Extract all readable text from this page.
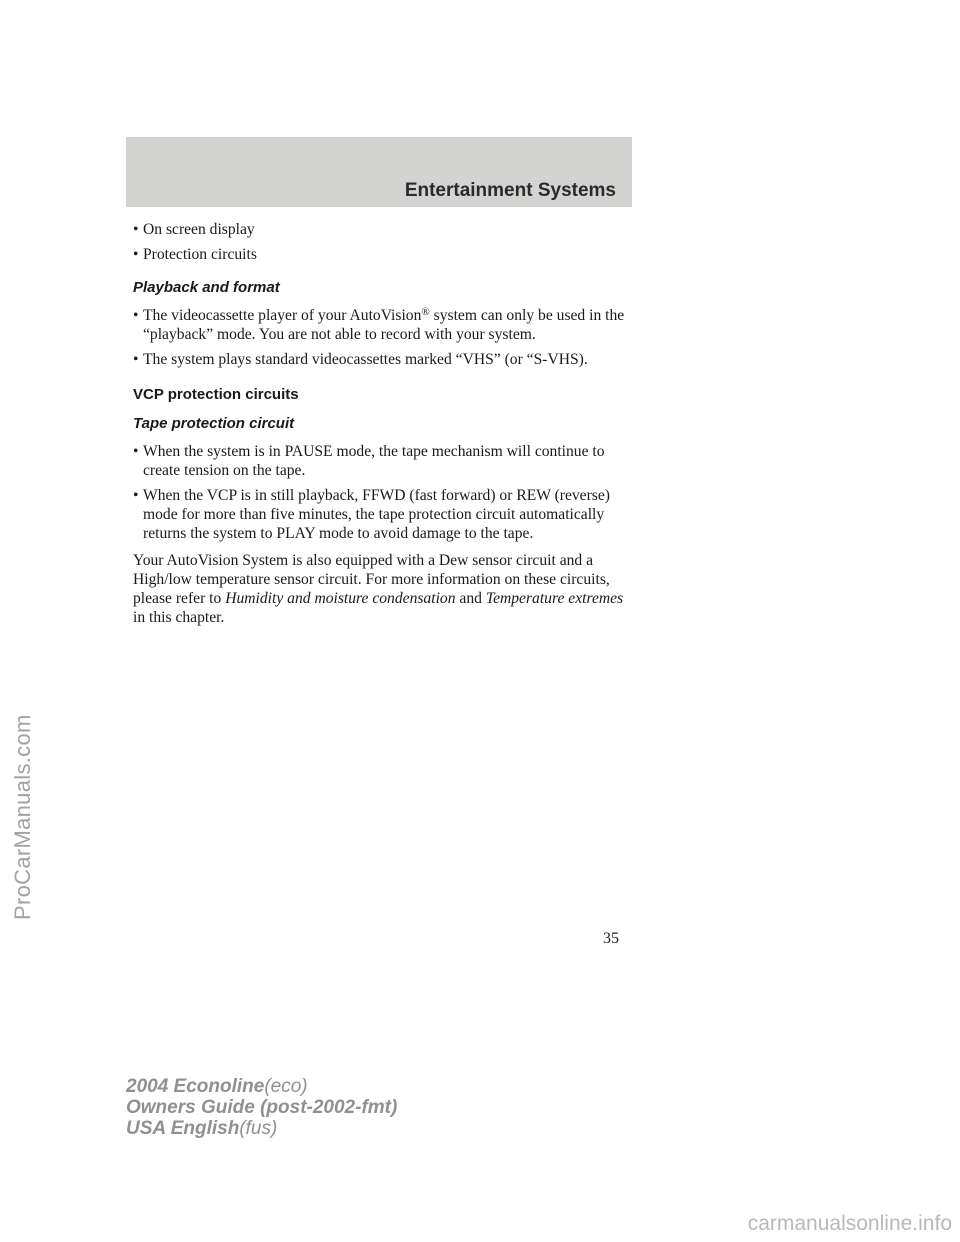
Entertainment Systems
• On screen display
• Protection circuits
Playback and format
• The videocassette player of your AutoVision® system can only be used in the “playback” mode. You are not able to record with your system.
• The system plays standard videocassettes marked “VHS” (or “S-VHS).
VCP protection circuits
Tape protection circuit
• When the system is in PAUSE mode, the tape mechanism will continue to create tension on the tape.
• When the VCP is in still playback, FFWD (fast forward) or REW (reverse) mode for more than five minutes, the tape protection circuit automatically returns the system to PLAY mode to avoid damage to the tape.
Your AutoVision System is also equipped with a Dew sensor circuit and a High/low temperature sensor circuit. For more information on these circuits, please refer to Humidity and moisture condensation and Temperature extremes in this chapter.
35
2004 Econoline(eco)
Owners Guide (post-2002-fmt)
USA English(fus)
ProCarManuals.com
carmanualsonline.info
